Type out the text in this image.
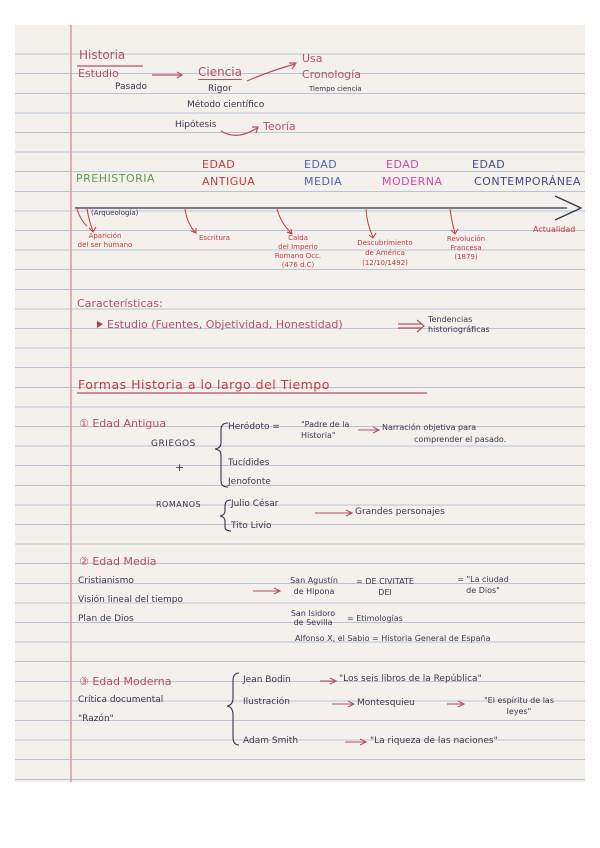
Historia
Estudio
Pasado
Ciencia
Rigor
Método científico
Hipótesis	Teoría
Usa
Cronología
Tiempo ciencia
PREHISTORIA
EDAD
ANTIGUA
EDAD
MEDIA
EDAD
MODERNA
EDAD
CONTEMPORÁNEA
(Arqueología)
Aparición
del ser humano
Escritura	Caída
del Imperio
Romano Occ.
(476 d.C)
Descubrimiento
de América
(12/10/1492)
Revolución
Francesa
(1879)
Actualidad
Características:
Estudio (Fuentes, Objetividad, Honestidad)	Tendencias
historiográficas
Formas Historia a lo largo del Tiempo
① Edad Antigua
GRIEGOS
+
Heródoto =	"Padre de la
Historia"
Narración objetiva para
comprender el pasado.
Tucídides
Jenofonte
ROMANOS	Julio César
Tito Livio
Grandes personajes
② Edad Media
Cristianismo
Visión lineal del tiempo
Plan de Dios
San Agustín
de Hipona
= DE CIVITATE
DEI
= "La ciudad
de Dios"
San Isidoro
de Sevilla	= Etimologías
Alfonso X, el Sabio = Historia General de España
③ Edad Moderna
Crítica documental
"Razón"
Jean Bodin	"Los seis libros de la República"
Ilustración	Montesquieu	"El espíritu de las
leyes"
Adam Smith	"La riqueza de las naciones"
